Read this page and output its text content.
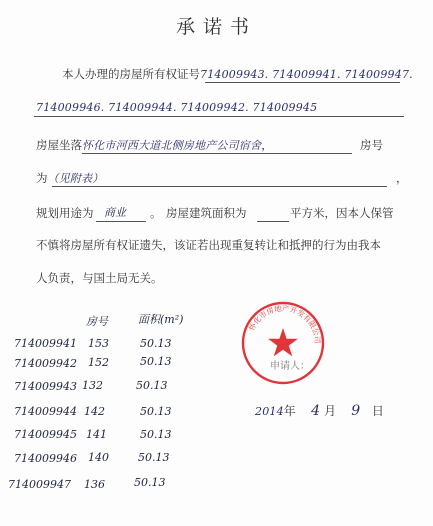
承诺书
本人办理的房屋所有权证号714009943. 714009941. 714009947.
714009946. 714009944. 714009942. 714009945
房屋坐落怀化市河西大道北侧房地产公司宿舍，	房号
为（见附表）	，
规划用途为 商业 。 房屋建筑面积为	平方米，因本人保管
不慎将房屋所有权证遗失，该证若出现重复转让和抵押的行为由我本
人负责，与国土局无关。
房号	面积(m²)
714009941 153	50.13
714009942 152	50.13
714009943 132	50.13
714009944 142	50.13
714009945 141	50.13
714009946 140	50.13
714009947 136	50.13
怀化市房地产开发有限公司
申请人：
2014年 4 月 9 日
